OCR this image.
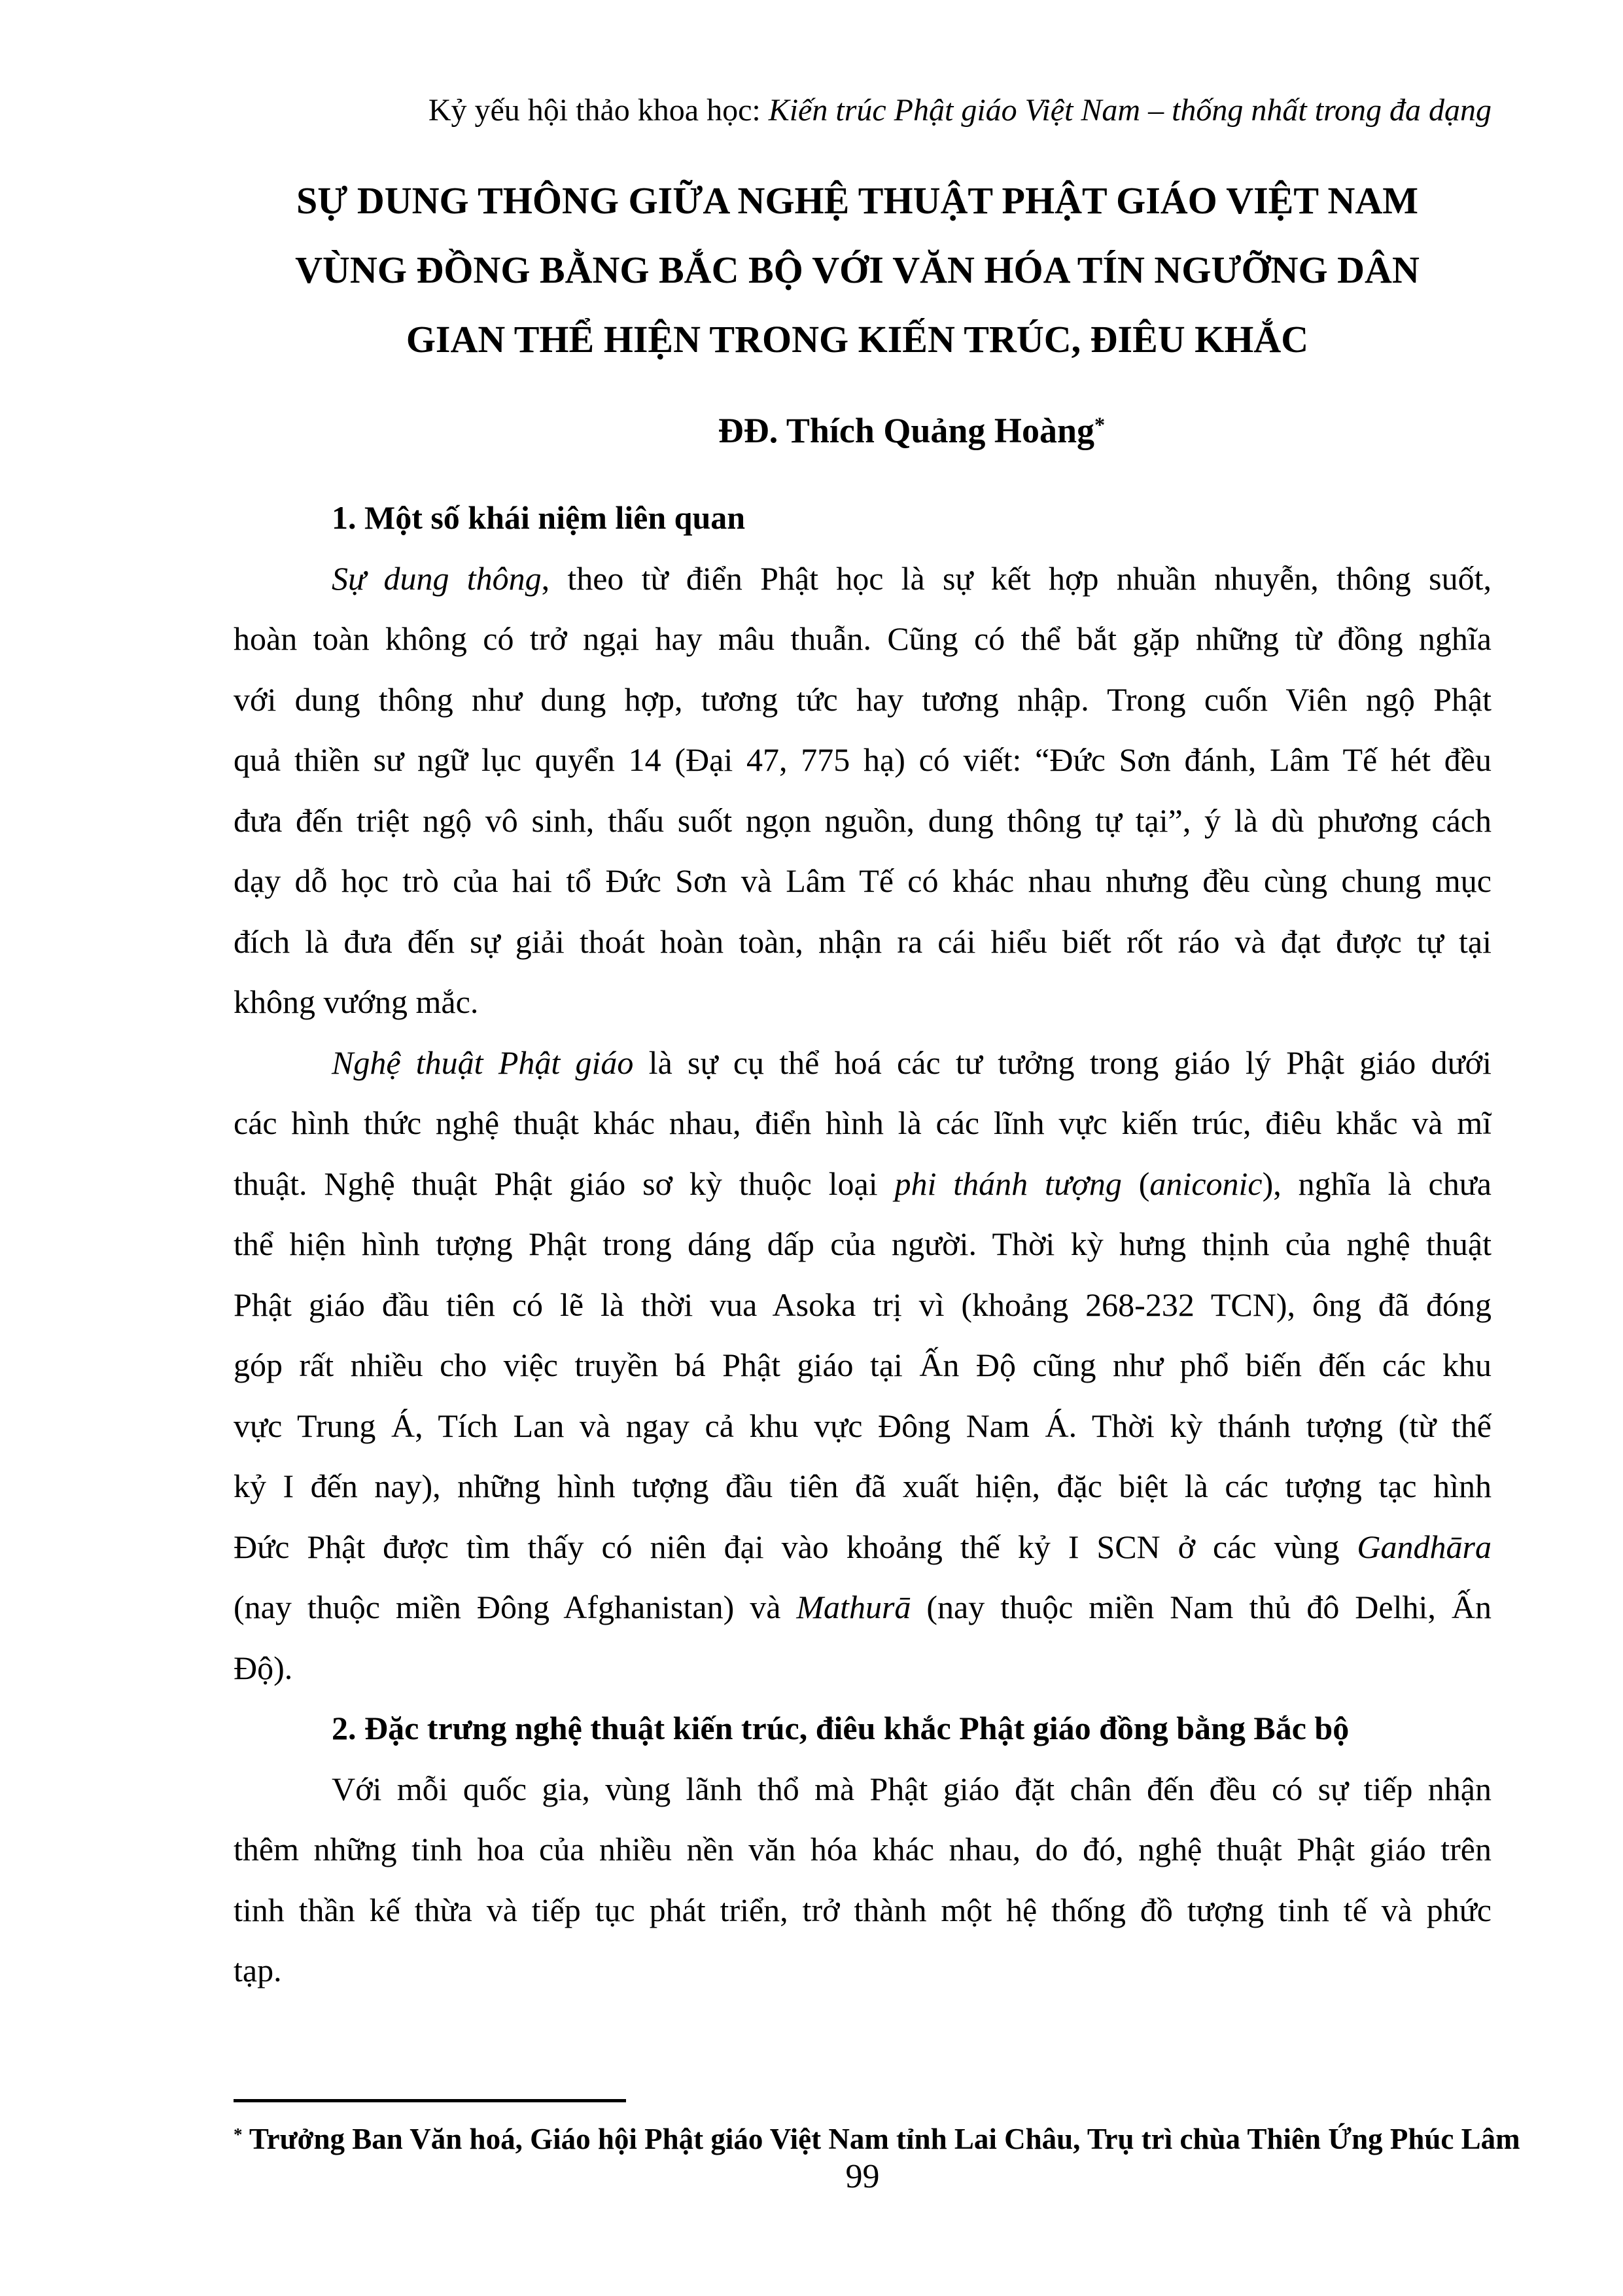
Kỷ yếu hội thảo khoa học: Kiến trúc Phật giáo Việt Nam – thống nhất trong đa dạng
SỰ DUNG THÔNG GIỮA NGHỆ THUẬT PHẬT GIÁO VIỆT NAM
VÙNG ĐỒNG BẰNG BẮC BỘ VỚI VĂN HÓA TÍN NGƯỠNG DÂN
GIAN THỂ HIỆN TRONG KIẾN TRÚC, ĐIÊU KHẮC
ĐĐ. Thích Quảng Hoàng*
1. Một số khái niệm liên quan
Sự dung thông, theo từ điển Phật học là sự kết hợp nhuần nhuyễn, thông suốt,
hoàn toàn không có trở ngại hay mâu thuẫn. Cũng có thể bắt gặp những từ đồng nghĩa
với dung thông như dung hợp, tương tức hay tương nhập. Trong cuốn Viên ngộ Phật
quả thiền sư ngữ lục quyển 14 (Đại 47, 775 hạ) có viết: “Đức Sơn đánh, Lâm Tế hét đều
đưa đến triệt ngộ vô sinh, thấu suốt ngọn nguồn, dung thông tự tại”, ý là dù phương cách
dạy dỗ học trò của hai tổ Đức Sơn và Lâm Tế có khác nhau nhưng đều cùng chung mục
đích là đưa đến sự giải thoát hoàn toàn, nhận ra cái hiểu biết rốt ráo và đạt được tự tại
không vướng mắc.
Nghệ thuật Phật giáo là sự cụ thể hoá các tư tưởng trong giáo lý Phật giáo dưới
các hình thức nghệ thuật khác nhau, điển hình là các lĩnh vực kiến trúc, điêu khắc và mĩ
thuật. Nghệ thuật Phật giáo sơ kỳ thuộc loại phi thánh tượng (aniconic), nghĩa là chưa
thể hiện hình tượng Phật trong dáng dấp của người. Thời kỳ hưng thịnh của nghệ thuật
Phật giáo đầu tiên có lẽ là thời vua Asoka trị vì (khoảng 268-232 TCN), ông đã đóng
góp rất nhiều cho việc truyền bá Phật giáo tại Ấn Độ cũng như phổ biến đến các khu
vực Trung Á, Tích Lan và ngay cả khu vực Đông Nam Á. Thời kỳ thánh tượng (từ thế
kỷ I đến nay), những hình tượng đầu tiên đã xuất hiện, đặc biệt là các tượng tạc hình
Đức Phật được tìm thấy có niên đại vào khoảng thế kỷ I SCN ở các vùng Gandhāra
(nay thuộc miền Đông Afghanistan) và Mathurā (nay thuộc miền Nam thủ đô Delhi, Ấn
Độ).
2. Đặc trưng nghệ thuật kiến trúc, điêu khắc Phật giáo đồng bằng Bắc bộ
Với mỗi quốc gia, vùng lãnh thổ mà Phật giáo đặt chân đến đều có sự tiếp nhận
thêm những tinh hoa của nhiều nền văn hóa khác nhau, do đó, nghệ thuật Phật giáo trên
tinh thần kế thừa và tiếp tục phát triển, trở thành một hệ thống đồ tượng tinh tế và phức
tạp.
* Trưởng Ban Văn hoá, Giáo hội Phật giáo Việt Nam tỉnh Lai Châu, Trụ trì chùa Thiên Ứng Phúc Lâm
99
